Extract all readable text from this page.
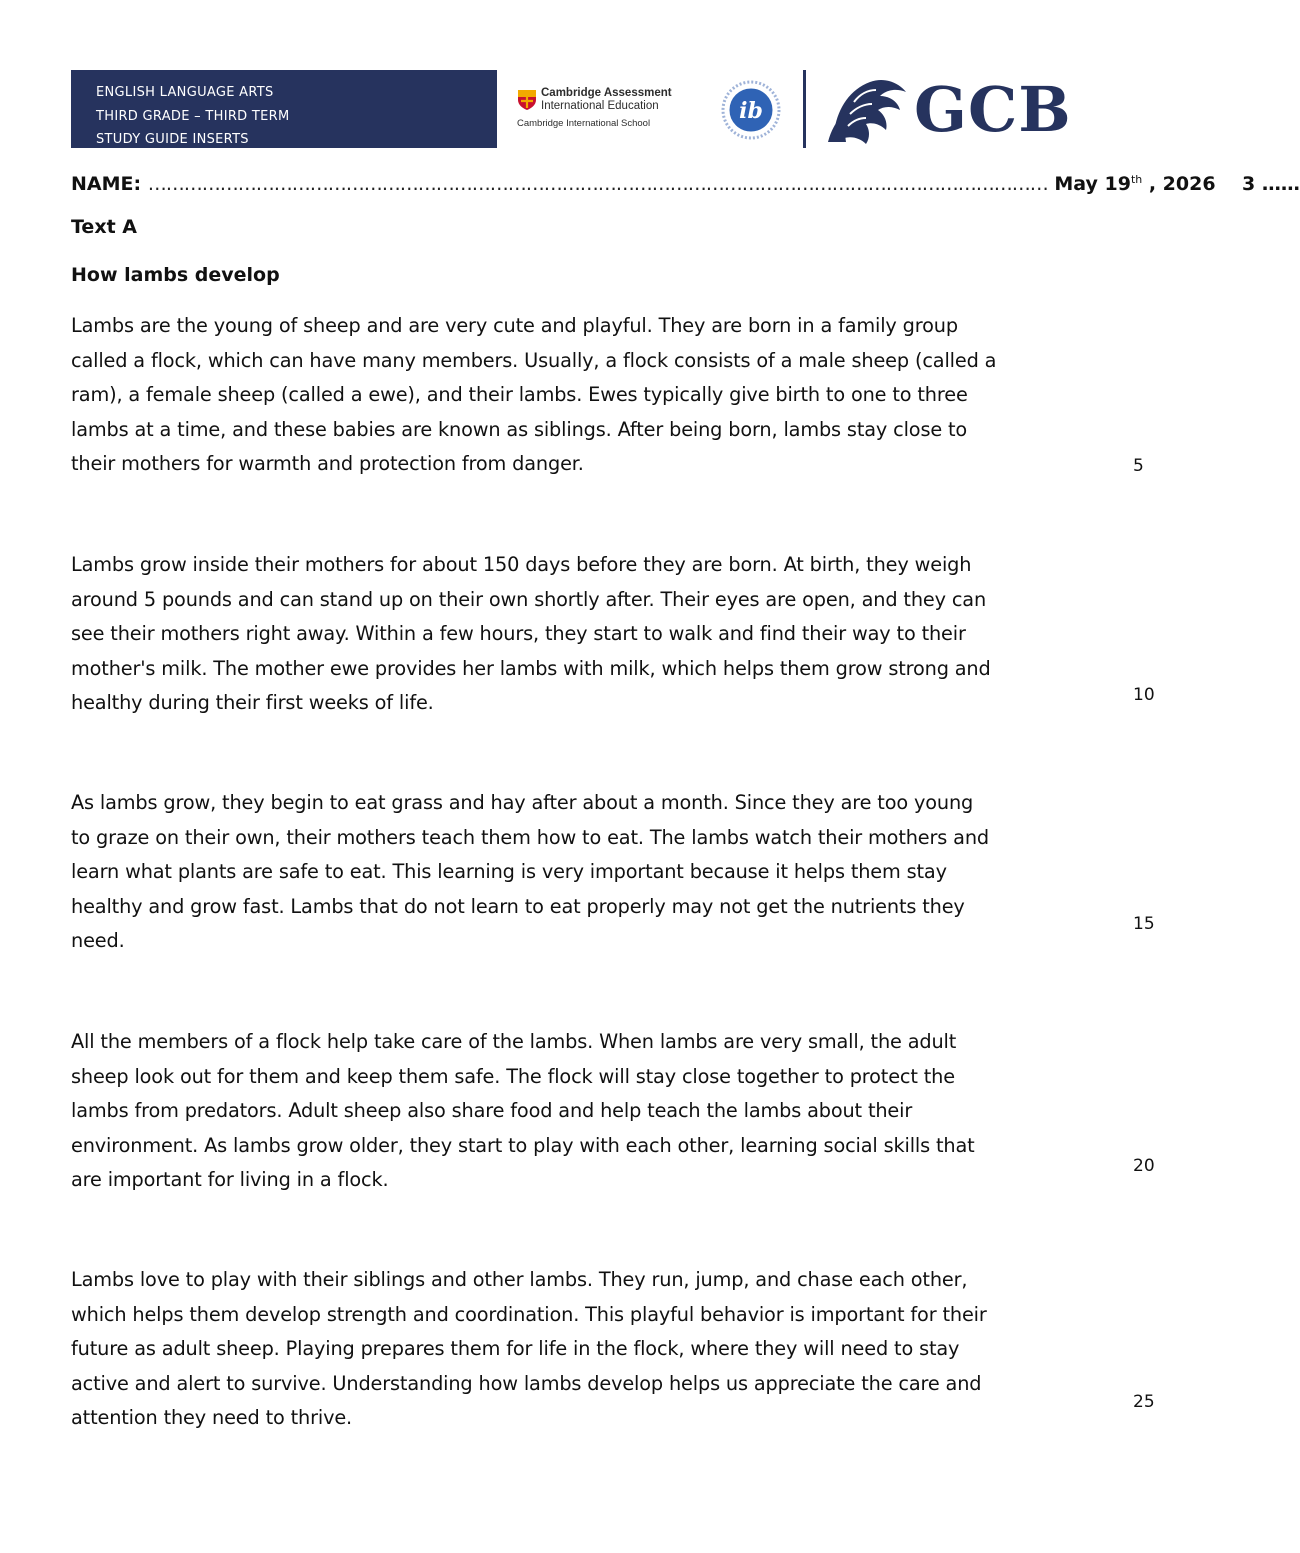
ENGLISH LANGUAGE ARTS
THIRD GRADE – THIRD TERM
STUDY GUIDE INSERTS
Cambridge Assessment
International Education
Cambridge International School	ib GCB
NAME: …………………………………………………………………………………………………………………………………… May 19th , 2026 3 ……
Text A
How lambs develop
Lambs are the young of sheep and are very cute and playful. They are born in a family group
called a flock, which can have many members. Usually, a flock consists of a male sheep (called a
ram), a female sheep (called a ewe), and their lambs. Ewes typically give birth to one to three
lambs at a time, and these babies are known as siblings. After being born, lambs stay close to
their mothers for warmth and protection from danger.	5
Lambs grow inside their mothers for about 150 days before they are born. At birth, they weigh
around 5 pounds and can stand up on their own shortly after. Their eyes are open, and they can
see their mothers right away. Within a few hours, they start to walk and find their way to their
mother's milk. The mother ewe provides her lambs with milk, which helps them grow strong and
healthy during their first weeks of life.	10
As lambs grow, they begin to eat grass and hay after about a month. Since they are too young
to graze on their own, their mothers teach them how to eat. The lambs watch their mothers and
learn what plants are safe to eat. This learning is very important because it helps them stay
healthy and grow fast. Lambs that do not learn to eat properly may not get the nutrients they
need.
15
All the members of a flock help take care of the lambs. When lambs are very small, the adult
sheep look out for them and keep them safe. The flock will stay close together to protect the
lambs from predators. Adult sheep also share food and help teach the lambs about their
environment. As lambs grow older, they start to play with each other, learning social skills that
are important for living in a flock.
20
Lambs love to play with their siblings and other lambs. They run, jump, and chase each other,
which helps them develop strength and coordination. This playful behavior is important for their
future as adult sheep. Playing prepares them for life in the flock, where they will need to stay
active and alert to survive. Understanding how lambs develop helps us appreciate the care and
attention they need to thrive.
25
